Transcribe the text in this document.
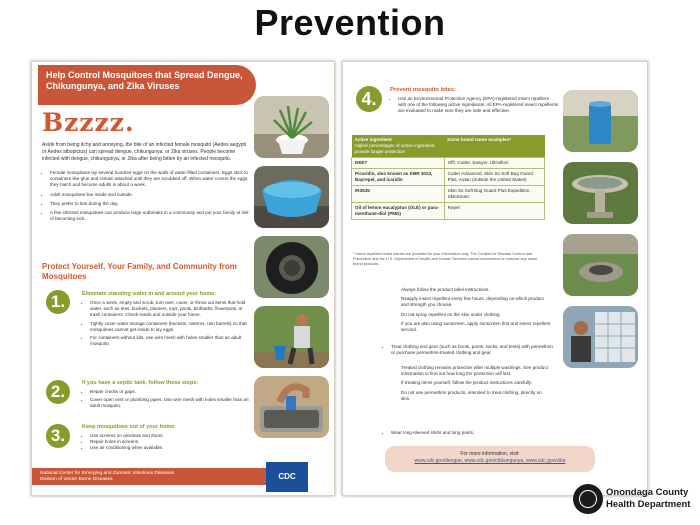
Prevention
Help Control Mosquitoes that Spread Dengue, Chikungunya, and Zika Viruses
Bzzzz.
Aside from being itchy and annoying, the bite of an infected female mosquito (Aedes aegypti or Aedes albopictus) can spread dengue, chikungunya, or Zika viruses. People become infected with dengue, chikungunya, or Zika after being bitten by an infected mosquito.
• Female mosquitoes lay several hundred eggs on the walls of water-filled containers. Eggs stick to containers like glue and remain attached until they are scrubbed off. When water covers the eggs, they hatch and become adults in about a week.
• Adult mosquitoes live inside and outside.
• They prefer to bite during the day.
• A few infected mosquitoes can produce large outbreaks in a community and put your family at risk of becoming sick.
Protect Yourself, Your Family, and Community from Mosquitoes
1.	Eliminate standing water in and around your home:
• Once a week, empty and scrub, turn over, cover, or throw out items that hold water, such as tires, buckets, planters, toys, pools, birdbaths, flowerpots, or trash containers. Check inside and outside your home.
• Tightly cover water storage containers (buckets, cisterns, rain barrels) so that mosquitoes cannot get inside to lay eggs.
• For containers without lids, use wire mesh with holes smaller than an adult mosquito.
2.	If you have a septic tank, follow these steps:
• Repair cracks or gaps.
• Cover open vent or plumbing pipes. Use wire mesh with holes smaller than an adult mosquito.
3.	Keep mosquitoes out of your home:
• Use screens on windows and doors.
• Repair holes in screens.
• Use air conditioning when available.
·
National Center for Emerging and Zoonotic Infectious Diseases
Division of Vector-Borne Diseases	CDC
4.	Prevent mosquito bites:
• Use an Environmental Protection Agency (EPA)-registered insect repellent with one of the following active ingredients. All EPA-registered insect repellents are evaluated to make sure they are safe and effective.
Active ingredient
Higher percentages of active ingredient provide longer protection	Some brand name examples*
DEET	Off!, Cutter, Sawyer, Ultrathon
Picaridin, also known as KBR 3023, Bayrepel, and icaridin	Cutter Advanced, Skin So Soft Bug Guard Plus, Autan (outside the United States)
IR3535	Skin So Soft Bug Guard Plus Expedition, SkinSmart
Oil of lemon eucalyptus (OLE) or para-menthane-diol (PMD)	Repel
* Insect repellent brand names are provided for your information only. The Centers for Disease Control and Prevention and the U.S. Department of Health and Human Services cannot recommend or endorse any name brand products.
Always follow the product label instructions.
Reapply insect repellent every few hours, depending on which product and strength you choose.
Do not spray repellent on the skin under clothing.
If you are also using sunscreen, apply sunscreen first and insect repellent second.
• Treat clothing and gear (such as boots, pants, socks, and tents) with permethrin or purchase permethrin-treated clothing and gear.
Treated clothing remains protective after multiple washings. See product information to find out how long the protection will last.
If treating items yourself, follow the product instructions carefully.
Do not use permethrin products, intended to treat clothing, directly on skin.
• Wear long-sleeved shirts and long pants.
For more information, visit:
www.cdc.gov/dengue, www.cdc.gov/chikungunya, www.cdc.gov/zika
Onondaga County
Health Department
